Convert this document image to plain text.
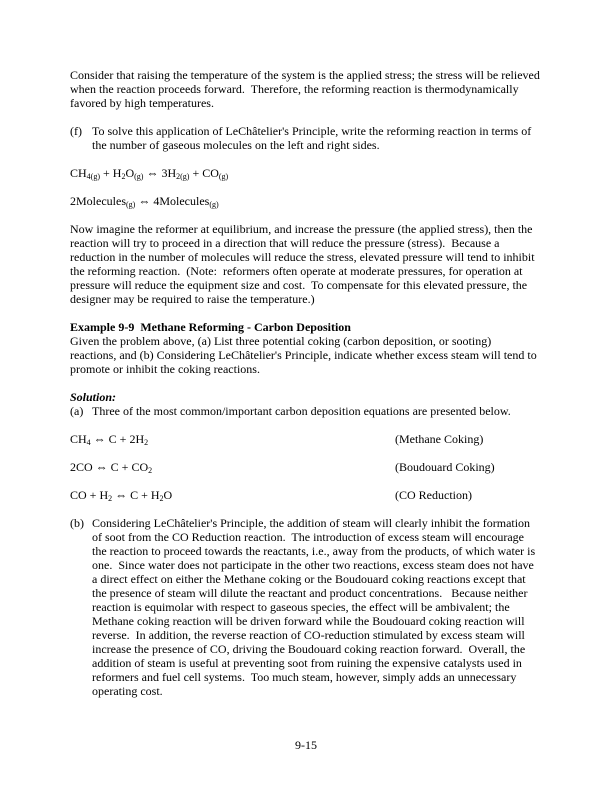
Consider that raising the temperature of the system is the applied stress; the stress will be relieved when the reaction proceeds forward.  Therefore, the reforming reaction is thermodynamically favored by high temperatures.

(f) To solve this application of LeChâtelier's Principle, write the reforming reaction in terms of the number of gaseous molecules on the left and right sides.
$CH_{4(g)} + H_2O_{(g)}$ ⇔ $3H_{2(g)} + CO_{(g)}$
2Molecules$_{(g)}$ ⇔ 4Molecules$_{(g)}$

Now imagine the reformer at equilibrium, and increase the pressure (the applied stress), then the reaction will try to proceed in a direction that will reduce the pressure (stress).  Because a reduction in the number of molecules will reduce the stress, elevated pressure will tend to inhibit the reforming reaction.  (Note:  reformers often operate at moderate pressures, for operation at pressure will reduce the equipment size and cost.  To compensate for this elevated pressure, the designer may be required to raise the temperature.)

Example 9-9  Methane Reforming - Carbon Deposition

Given the problem above, (a) List three potential coking (carbon deposition, or sooting) reactions, and (b) Considering LeChâtelier's Principle, indicate whether excess steam will tend to promote or inhibit the coking reactions.

Solution:

(a) Three of the most common/important carbon deposition equations are presented below.
$CH_4$ ⇔ $C + 2H_2$	(Methane Coking)
2CO ⇔ $C + CO_2$	(Boudouard Coking)
CO + $H_2$ ⇔ $C + H_2O$	(CO Reduction)
(b) Considering LeChâtelier's Principle, the addition of steam will clearly inhibit the formation of soot from the CO Reduction reaction.  The introduction of excess steam will encourage the reaction to proceed towards the reactants, i.e., away from the products, of which water is one.  Since water does not participate in the other two reactions, excess steam does not have a direct effect on either the Methane coking or the Boudouard coking reactions except that the presence of steam will dilute the reactant and product concentrations.   Because neither reaction is equimolar with respect to gaseous species, the effect will be ambivalent; the Methane coking reaction will be driven forward while the Boudouard coking reaction will reverse.  In addition, the reverse reaction of CO-reduction stimulated by excess steam will increase the presence of CO, driving the Boudouard coking reaction forward.  Overall, the addition of steam is useful at preventing soot from ruining the expensive catalysts used in reformers and fuel cell systems.  Too much steam, however, simply adds an unnecessary operating cost.
9-15
